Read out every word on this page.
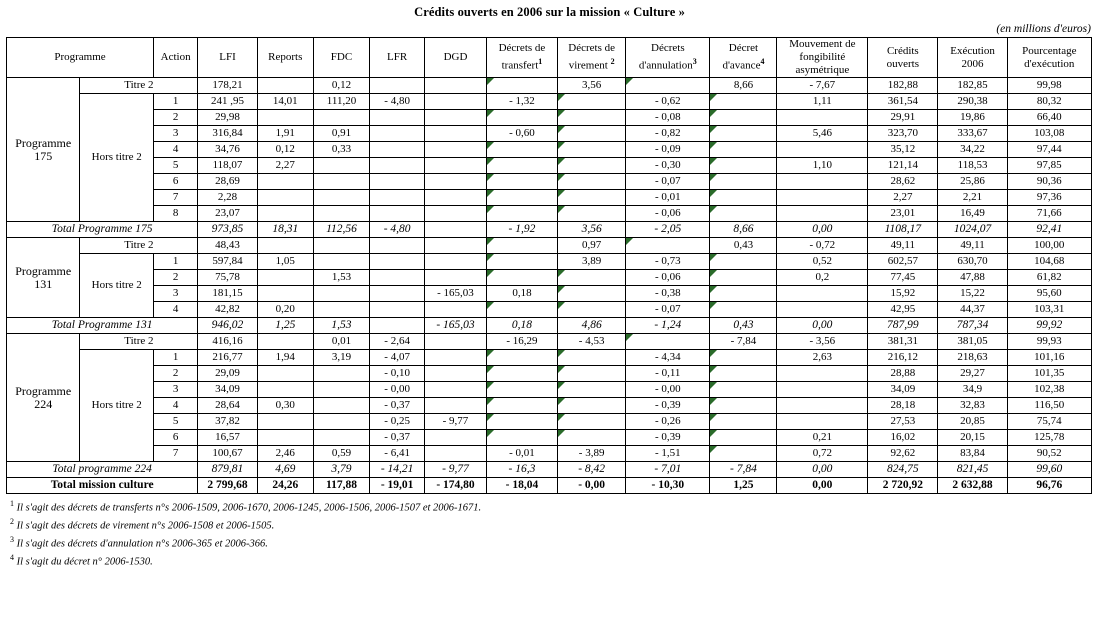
Crédits ouverts en 2006 sur la mission « Culture »
(en millions d'euros)
Programme		Action	LFI	Reports	FDC	LFR	DGD	Décrets de transfert$^1$	Décrets de virement $^2$	Décrets d'annulation$^3$	Décret d'avance$^4$	Mouvement de fongibilité asymétrique	Crédits ouverts	Exécution 2006	Pourcentage d'exécution
Programme 175	Titre 2		178,21		0,12				3,56		8,66	- 7,67	182,88	182,85	99,98
	Hors titre 2	1	241 ,95	14,01	111,20	- 4,80		- 1,32		- 0,62		1,11	361,54	290,38	80,32
		2	29,98							- 0,08			29,91	19,86	66,40
		3	316,84	1,91	0,91			- 0,60		- 0,82		5,46	323,70	333,67	103,08
		4	34,76	0,12	0,33					- 0,09			35,12	34,22	97,44
		5	118,07	2,27						- 0,30		1,10	121,14	118,53	97,85
		6	28,69							- 0,07			28,62	25,86	90,36
		7	2,28							- 0,01			2,27	2,21	97,36
		8	23,07							- 0,06			23,01	16,49	71,66
Total Programme 175			973,85	18,31	112,56	- 4,80		- 1,92	3,56	- 2,05	8,66	0,00	1108,17	1024,07	92,41
Programme 131	Titre 2		48,43						0,97		0,43	- 0,72	49,11	49,11	100,00
	Hors titre 2	1	597,84	1,05					3,89	- 0,73		0,52	602,57	630,70	104,68
		2	75,78		1,53					- 0,06		0,2	77,45	47,88	61,82
		3	181,15				- 165,03	0,18		- 0,38			15,92	15,22	95,60
		4	42,82	0,20						- 0,07			42,95	44,37	103,31
Total Programme 131			946,02	1,25	1,53		- 165,03	0,18	4,86	- 1,24	0,43	0,00	787,99	787,34	99,92
Programme 224	Titre 2		416,16		0,01	- 2,64		- 16,29	- 4,53		- 7,84	- 3,56	381,31	381,05	99,93
	Hors titre 2	1	216,77	1,94	3,19	- 4,07				- 4,34		2,63	216,12	218,63	101,16
		2	29,09			- 0,10				- 0,11			28,88	29,27	101,35
		3	34,09			- 0,00				- 0,00			34,09	34,9	102,38
		4	28,64	0,30		- 0,37				- 0,39			28,18	32,83	116,50
		5	37,82			- 0,25	- 9,77			- 0,26			27,53	20,85	75,74
		6	16,57			- 0,37				- 0,39		0,21	16,02	20,15	125,78
		7	100,67	2,46	0,59	- 6,41		- 0,01	- 3,89	- 1,51		0,72	92,62	83,84	90,52
Total programme 224			879,81	4,69	3,79	- 14,21	- 9,77	- 16,3	- 8,42	- 7,01	- 7,84	0,00	824,75	821,45	99,60
Total mission culture			2 799,68	24,26	117,88	- 19,01	- 174,80	- 18,04	- 0,00	- 10,30	1,25	0,00	2 720,92	2 632,88	96,76
$^1$ Il s'agit des décrets de transferts n°s 2006-1509, 2006-1670, 2006-1245, 2006-1506, 2006-1507 et 2006-1671.
$^2$ Il s'agit des décrets de virement n°s 2006-1508 et 2006-1505.
$^3$ Il s'agit des décrets d'annulation n°s 2006-365 et 2006-366.
$^4$ Il s'agit du décret n° 2006-1530.
